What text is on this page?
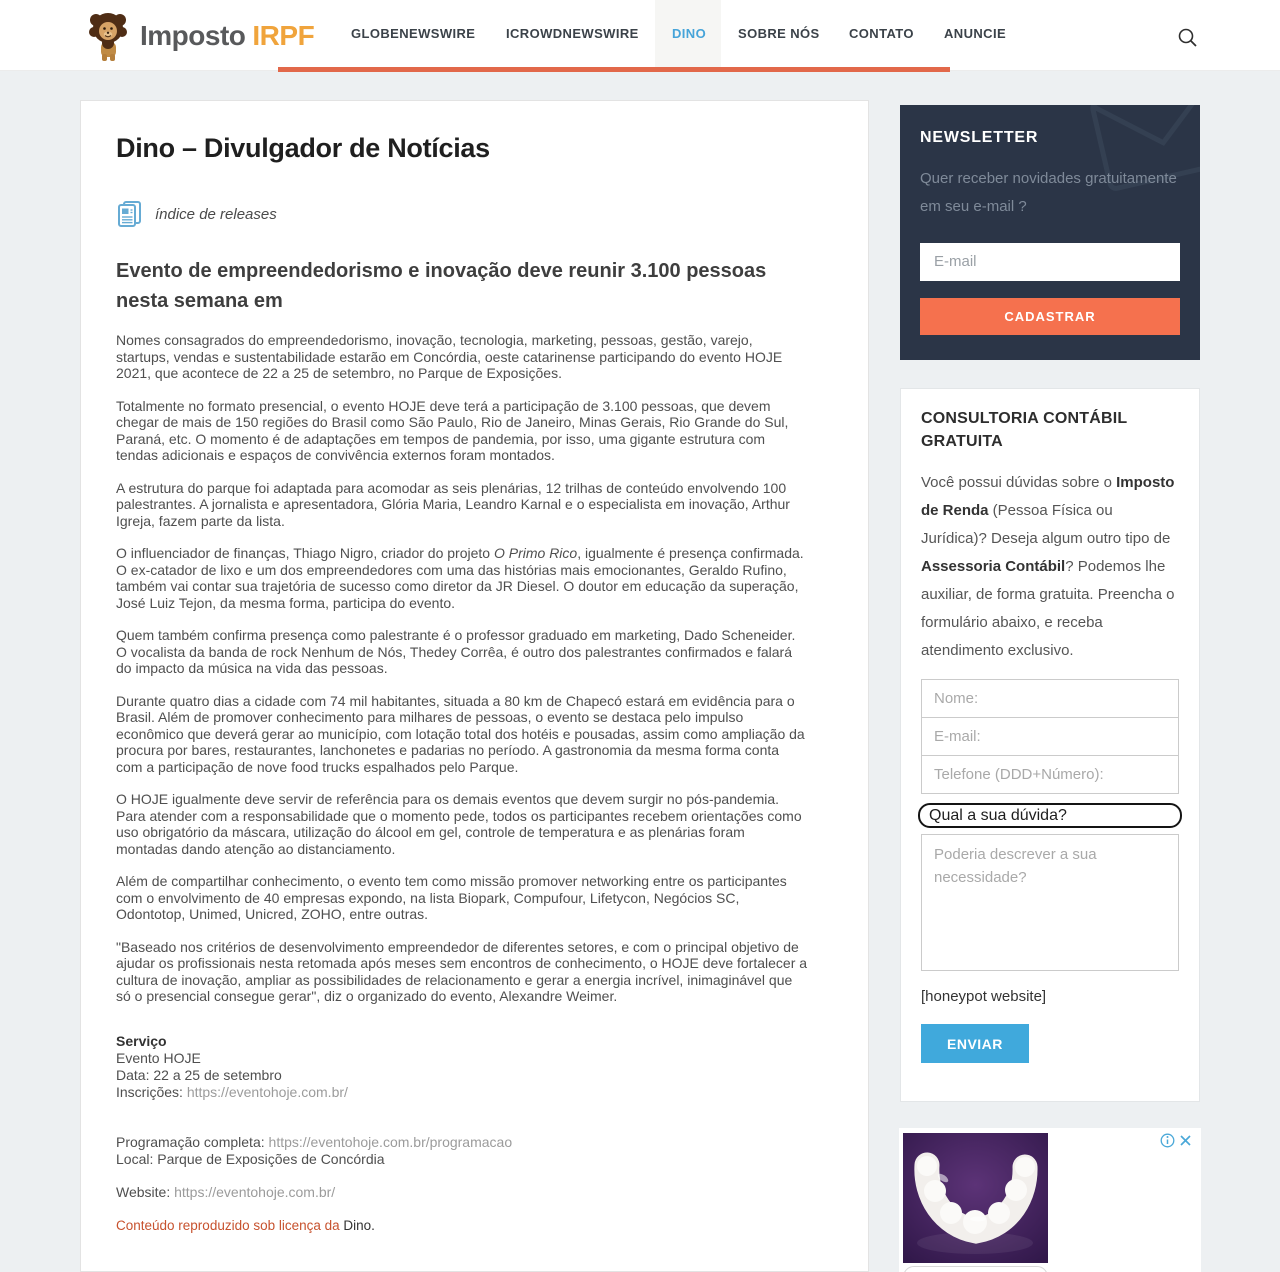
Imposto IRPF	GLOBENEWSWIRE ICROWDNEWSWIRE	DINO SOBRE NÓS CONTATO ANUNCIE
Dino – Divulgador de Notícias
índice de releases
Evento de empreendedorismo e inovação deve reunir 3.100 pessoas nesta semana em

Nomes consagrados do empreendedorismo, inovação, tecnologia, marketing, pessoas, gestão, varejo, startups, vendas e sustentabilidade estarão em Concórdia, oeste catarinense participando do evento HOJE 2021, que acontece de 22 a 25 de setembro, no Parque de Exposições.

Totalmente no formato presencial, o evento HOJE deve terá a participação de 3.100 pessoas, que devem chegar de mais de 150 regiões do Brasil como São Paulo, Rio de Janeiro, Minas Gerais, Rio Grande do Sul, Paraná, etc. O momento é de adaptações em tempos de pandemia, por isso, uma gigante estrutura com tendas adicionais e espaços de convivência externos foram montados.

A estrutura do parque foi adaptada para acomodar as seis plenárias, 12 trilhas de conteúdo envolvendo 100 palestrantes. A jornalista e apresentadora, Glória Maria, Leandro Karnal e o especialista em inovação, Arthur Igreja, fazem parte da lista.

O influenciador de finanças, Thiago Nigro, criador do projeto O Primo Rico, igualmente é presença confirmada. O ex-catador de lixo e um dos empreendedores com uma das histórias mais emocionantes, Geraldo Rufino, também vai contar sua trajetória de sucesso como diretor da JR Diesel. O doutor em educação da superação, José Luiz Tejon, da mesma forma, participa do evento.

Quem também confirma presença como palestrante é o professor graduado em marketing, Dado Scheneider. O vocalista da banda de rock Nenhum de Nós, Thedey Corrêa, é outro dos palestrantes confirmados e falará do impacto da música na vida das pessoas.

Durante quatro dias a cidade com 74 mil habitantes, situada a 80 km de Chapecó estará em evidência para o Brasil. Além de promover conhecimento para milhares de pessoas, o evento se destaca pelo impulso econômico que deverá gerar ao município, com lotação total dos hotéis e pousadas, assim como ampliação da procura por bares, restaurantes, lanchonetes e padarias no período. A gastronomia da mesma forma conta com a participação de nove food trucks espalhados pelo Parque.

O HOJE igualmente deve servir de referência para os demais eventos que devem surgir no pós-pandemia. Para atender com a responsabilidade que o momento pede, todos os participantes recebem orientações como uso obrigatório da máscara, utilização do álcool em gel, controle de temperatura e as plenárias foram montadas dando atenção ao distanciamento.

Além de compartilhar conhecimento, o evento tem como missão promover networking entre os participantes com o envolvimento de 40 empresas expondo, na lista Biopark, Compufour, Lifetycon, Negócios SC, Odontotop, Unimed, Unicred, ZOHO, entre outras.

"Baseado nos critérios de desenvolvimento empreendedor de diferentes setores, e com o principal objetivo de ajudar os profissionais nesta retomada após meses sem encontros de conhecimento, o HOJE deve fortalecer a cultura de inovação, ampliar as possibilidades de relacionamento e gerar a energia incrível, inimaginável que só o presencial consegue gerar", diz o organizado do evento, Alexandre Weimer.

Serviço

Evento HOJE

Data: 22 a 25 de setembro

Inscrições: https://eventohoje.com.br/

Programação completa: https://eventohoje.com.br/programacao

Local: Parque de Exposições de Concórdia

Website: https://eventohoje.com.br/

Conteúdo reproduzido sob licença da Dino.

NEWSLETTER

Quer receber novidades gratuitamente em seu e-mail ?

E-mail CADASTRAR
CONSULTORIA CONTÁBIL GRATUITA

Você possui dúvidas sobre o Imposto de Renda (Pessoa Física ou Jurídica)? Deseja algum outro tipo de Assessoria Contábil? Podemos lhe auxiliar, de forma gratuita. Preencha o formulário abaixo, e receba atendimento exclusivo.

Nome:
E-mail:
Telefone (DDD+Número):
Qual a sua dúvida?
Poderia descrever a sua necessidade?

[honeypot website]

ENVIAR
